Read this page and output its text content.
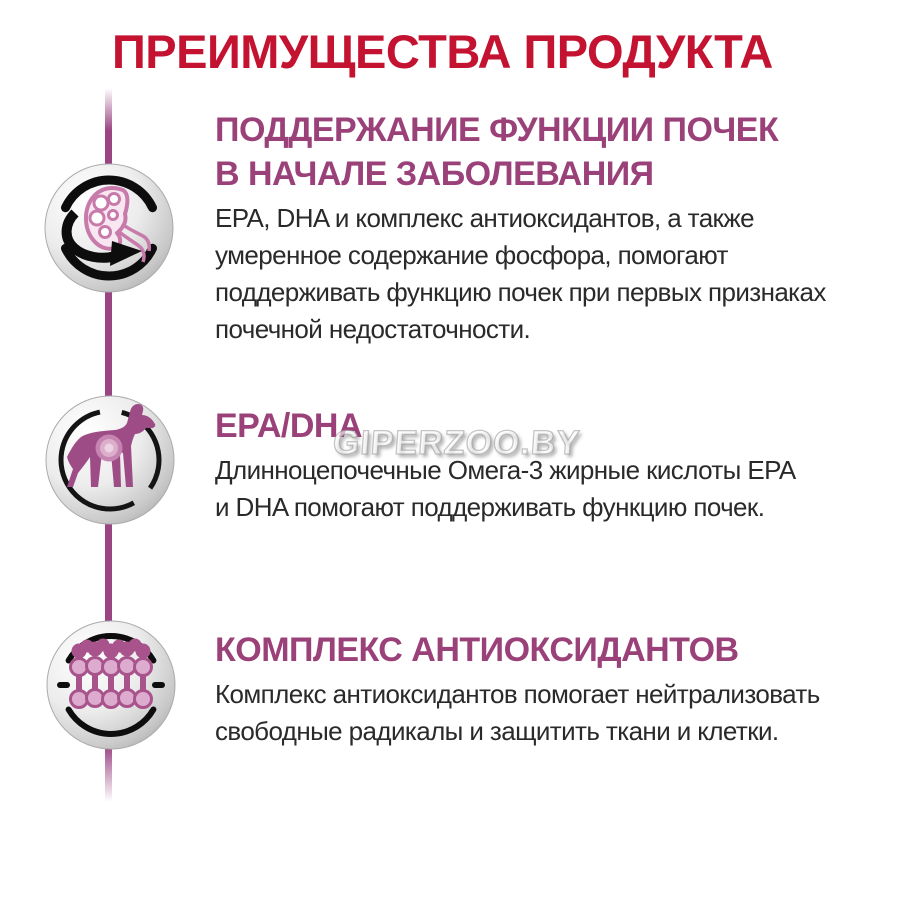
ПРЕИМУЩЕСТВА ПРОДУКТА
ПОДДЕРЖАНИЕ ФУНКЦИИ ПОЧЕК
В НАЧАЛЕ ЗАБОЛЕВАНИЯ
EPA, DHA и комплекс антиоксидантов, а также
умеренное содержание фосфора, помогают
поддерживать функцию почек при первых признаках
почечной недостаточности.
EPA/DHA
Длинноцепочечные Омега-3 жирные кислоты EPA
и DHA помогают поддерживать функцию почек.
КОМПЛЕКС АНТИОКСИДАНТОВ
Комплекс антиоксидантов помогает нейтрализовать
свободные радикалы и защитить ткани и клетки.
GIPERZOO.BY
